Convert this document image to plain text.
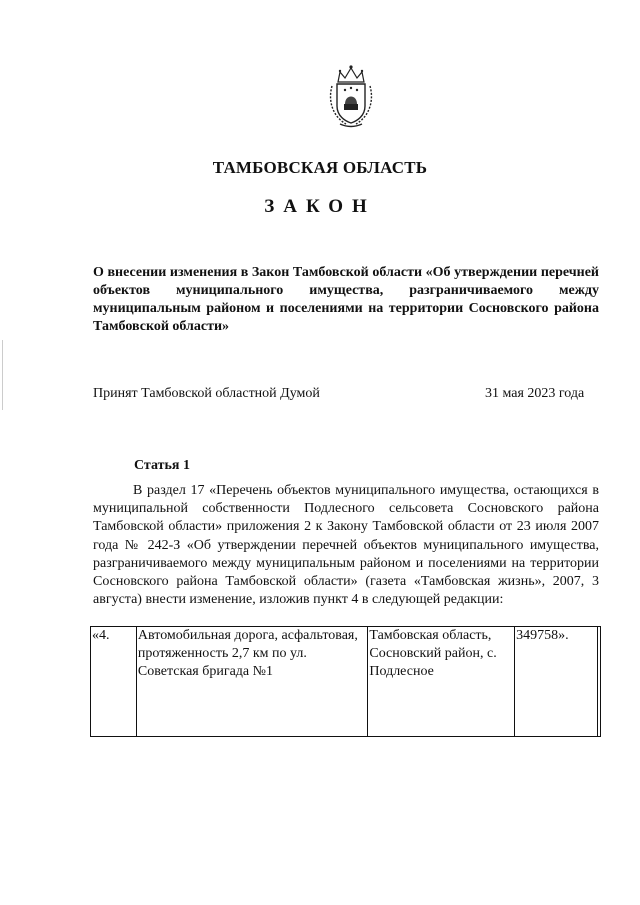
ТАМБОВСКАЯ ОБЛАСТЬ
ЗАКОН
О внесении изменения в Закон Тамбовской области «Об утверждении перечней объектов муниципального имущества, разграничиваемого между муниципальным районом и поселениями на территории Сосновского района Тамбовской области»
Принят Тамбовской областной Думой	31 мая 2023 года
Статья 1
В раздел 17 «Перечень объектов муниципального имущества, остающихся в муниципальной собственности Подлесного сельсовета Сосновского района Тамбовской области» приложения 2 к Закону Тамбовской области от 23 июля 2007 года № 242-З «Об утверждении перечней объектов муниципального имущества, разграничиваемого между муниципальным районом и поселениями на территории Сосновского района Тамбовской области» (газета «Тамбовская жизнь», 2007, 3 августа) внести изменение, изложив пункт 4 в следующей редакции:
«4.	Автомобильная дорога, асфальтовая, протяженность 2,7 км по ул. Советская бригада №1	Тамбовская область, Сосновский район, с. Подлесное	349758».	
